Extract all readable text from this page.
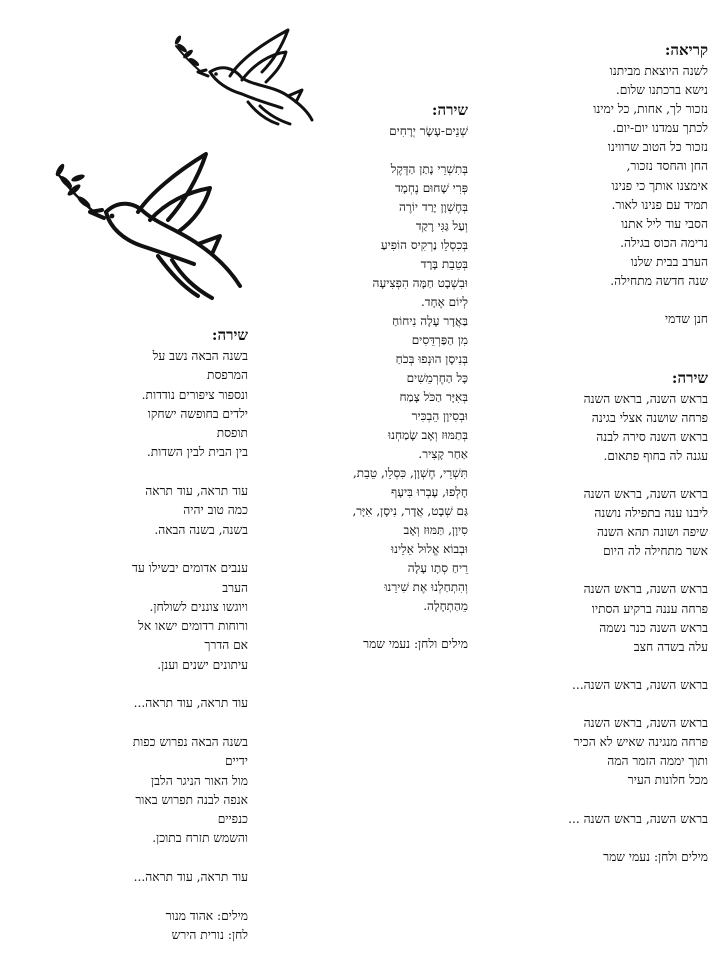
קריאה:
לשנה היוצאת מביתנו
נישא ברכתנו שלום.
נזכור לך, אחות, כל ימינו
לכתך עמדנו יום-יום.
נזכור כל הטוב שרווינו
החן והחסד נזכור,
אימצנו אותך כי פנינו
תמיד עם פנינו לאור.
הסבי עוד ליל אתנו
נרימה הכוס בגילה.
הערב בבית שלנו
שנה חדשה מתחילה.
חנן שדמי
שירה:
בראש השנה, בראש השנה
פרחה שושנה אצלי בגינה
בראש השנה סירה לבנה
עגנה לה בחוף פתאום.
בראש השנה, בראש השנה
ליבנו ענה בתפילה נושנה
שיפה ושונה תהא השנה
אשר מתחילה לה היום
בראש השנה, בראש השנה
פרחה עננה ברקיע הסתיו
בראש השנה כנר נשמה
עלה בשדה חצב
בראש השנה, בראש השנה...
בראש השנה, בראש השנה
פרחה מנגינה שאיש לא הכיר
ותוך יממה הזמר המה
מכל חלונות העיר
בראש השנה, בראש השנה ...
מילים ולחן: נעמי שמר
שירה:
שְׁנֵים-עָשָׂר יְרָחִים
בְּתִשְׁרֵי נָתַן הַדֶּקֶל
פְּרִי שָׁחוּם נֶחְמָד
בְּחֶשְׁוָן יָרַד יוֹרֶה
וְעַל גַּגִּי רָקַד
בְּכִסְלֵו נַרְקִיס הוֹפִיעַ
בְּטֵבֵת בָּרָד
וּבִשְׁבָט חַמָּה הִפְצִיעָה
לְיוֹם אֶחָד.
בַּאֲדָר עָלָה נִיחוֹחַ
מִן הַפַּרְדֵּסִים
בְּנִיסָן הוּנְפוּ בְּכֹחַ
כָּל הַחֶרְמֵשִׁים
בְּאִיָּר הַכֹּל צָמַח
וּבְסִיוָן הֵבְכִּיר
בְּתַמּוּז וְאָב שָׂמַחְנוּ
אַחַר קָצִיר.
תִּשְׁרֵי, חֶשְׁוָן, כִּסְלֵו, טֵבֵת,
חָלְפוּ, עָבְרוּ בִּיעָף
גַּם שְׁבָט, אֲדָר, נִיסָן, אִיָּר,
סִיוָן, תַּמּוּז וְאָב
וּבְבוֹא אֱלוּל אֵלֵינוּ
רֵיחַ סְתָו עָלָה
וְהִתְחַלְנוּ אֶת שִׁירֵנוּ
מֵהַתְחָלָה.
מילים ולחן: נעמי שמר
שירה:
בשנה הבאה נשב על
המרפסת
ונספור ציפורים נודדות.
ילדים בחופשה ישחקו
תופסת
בין הבית לבין השדות.
עוד תראה, עוד תראה
כמה טוב יהיה
בשנה, בשנה הבאה.
ענבים אדומים יבשילו עד
הערב
ויוגשו צוננים לשולחן.
ורוחות רדומים ישאו אל
אם הדרך
עיתונים ישנים וענן.
עוד תראה, עוד תראה...
בשנה הבאה נפרוש כפות
ידיים
מול האור הניגר הלבן
אנפה לבנה תפרוש באור
כנפיים
והשמש תזרח בתוכן.
עוד תראה, עוד תראה...
מילים: אהוד מנור
לחן: נורית הירש
